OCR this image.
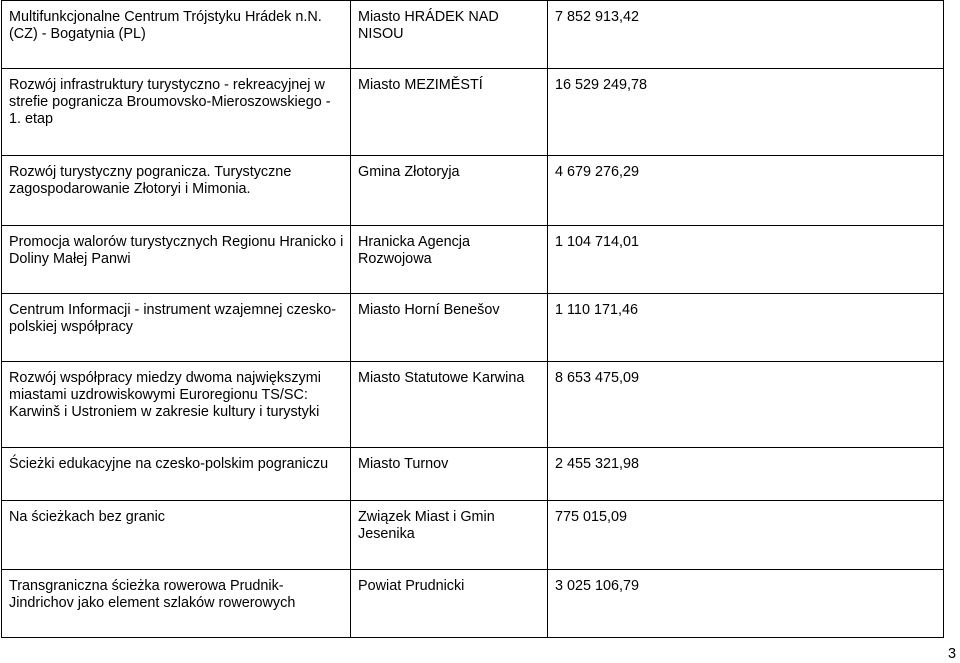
Multifunkcjonalne Centrum Trójstyku Hrádek n.N. (CZ) - Bogatynia (PL)	Miasto HRÁDEK NAD NISOU	7 852 913,42
Rozwój infrastruktury turystyczno - rekreacyjnej w strefie pogranicza Broumovsko-Mieroszowskiego - 1. etap	Miasto MEZIMĚSTÍ	16 529 249,78
Rozwój turystyczny pogranicza. Turystyczne zagospodarowanie Złotoryi i Mimonia.	Gmina Złotoryja	4 679 276,29
Promocja walorów turystycznych Regionu Hranicko i Doliny Małej Panwi	Hranicka Agencja Rozwojowa	1 104 714,01
Centrum Informacji - instrument wzajemnej czesko-polskiej współpracy	Miasto Horní Benešov	1 110 171,46
Rozwój współpracy miedzy dwoma największymi miastami uzdrowiskowymi Euroregionu TS/SC: Karwinš i Ustroniem w zakresie kultury i turystyki	Miasto Statutowe Karwina	8 653 475,09
Ścieżki edukacyjne na czesko-polskim pograniczu	Miasto Turnov	2 455 321,98
Na ścieżkach bez granic	Związek Miast i Gmin Jesenika	775 015,09
Transgraniczna ścieżka rowerowa Prudnik-Jindrichov jako element szlaków rowerowych	Powiat Prudnicki	3 025 106,79
3
